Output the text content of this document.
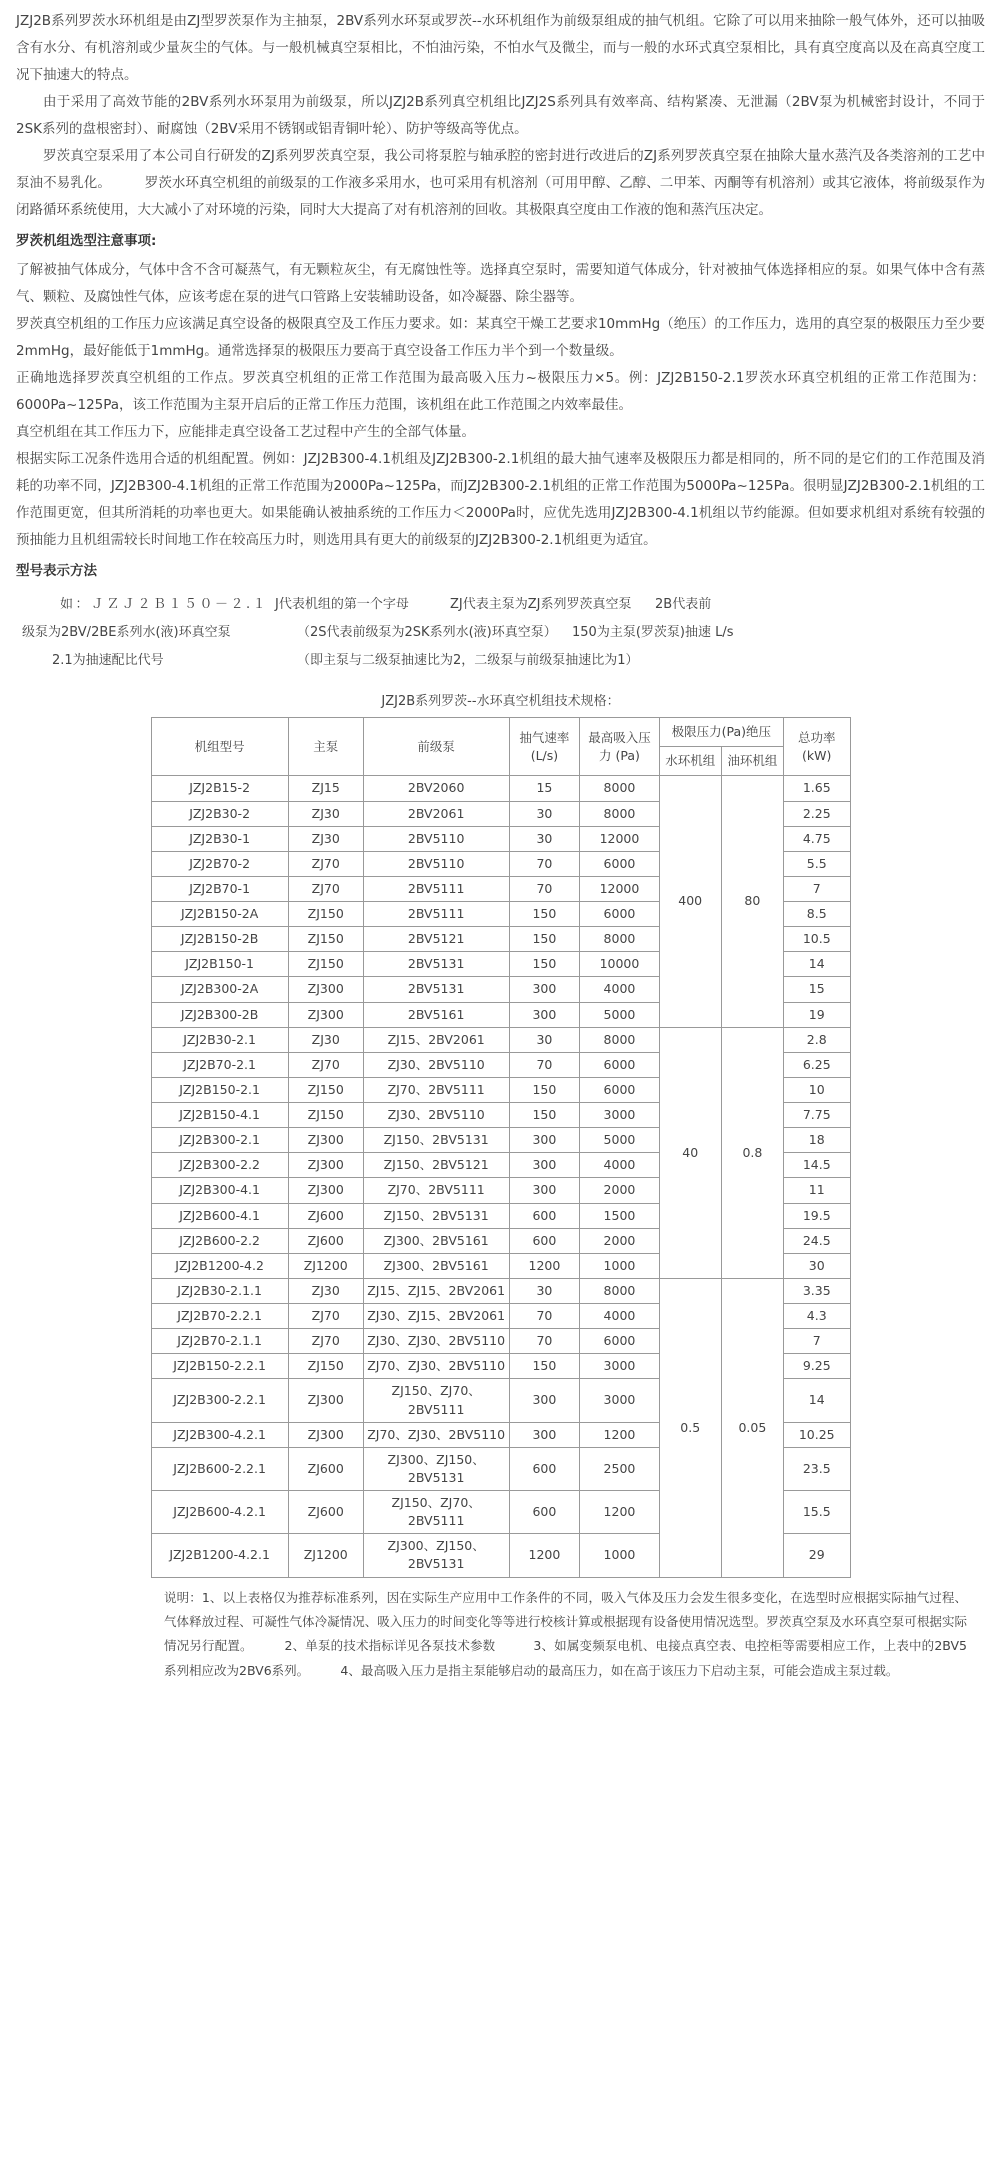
JZJ2B系列罗茨水环机组是由ZJ型罗茨泵作为主抽泵，2BV系列水环泵或罗茨--水环机组作为前级泵组成的抽气机组。它除了可以用来抽除一般气体外，还可以抽吸含有水分、有机溶剂或少量灰尘的气体。与一般机械真空泵相比，不怕油污染，不怕水气及微尘，而与一般的水环式真空泵相比，具有真空度高以及在高真空度工况下抽速大的特点。

由于采用了高效节能的2BV系列水环泵用为前级泵，所以JZJ2B系列真空机组比JZJ2S系列具有效率高、结构紧凑、无泄漏（2BV泵为机械密封设计，不同于2SK系列的盘根密封）、耐腐蚀（2BV采用不锈钢或铝青铜叶轮）、防护等级高等优点。

罗茨真空泵采用了本公司自行研发的ZJ系列罗茨真空泵，我公司将泵腔与轴承腔的密封进行改进后的ZJ系列罗茨真空泵在抽除大量水蒸汽及各类溶剂的工艺中泵油不易乳化。　　　罗茨水环真空机组的前级泵的工作液多采用水，也可采用有机溶剂（可用甲醇、乙醇、二甲苯、丙酮等有机溶剂）或其它液体，将前级泵作为闭路循环系统使用，大大减小了对环境的污染，同时大大提高了对有机溶剂的回收。其极限真空度由工作液的饱和蒸汽压决定。

罗茨机组选型注意事项:

了解被抽气体成分，气体中含不含可凝蒸气，有无颗粒灰尘，有无腐蚀性等。选择真空泵时，需要知道气体成分，针对被抽气体选择相应的泵。如果气体中含有蒸气、颗粒、及腐蚀性气体，应该考虑在泵的进气口管路上安装辅助设备，如冷凝器、除尘器等。

罗茨真空机组的工作压力应该满足真空设备的极限真空及工作压力要求。如：某真空干燥工艺要求10mmHg（绝压）的工作压力，选用的真空泵的极限压力至少要2mmHg，最好能低于1mmHg。通常选择泵的极限压力要高于真空设备工作压力半个到一个数量级。

正确地选择罗茨真空机组的工作点。罗茨真空机组的正常工作范围为最高吸入压力~极限压力×5。例：JZJ2B150-2.1罗茨水环真空机组的正常工作范围为：6000Pa~125Pa，该工作范围为主泵开启后的正常工作压力范围，该机组在此工作范围之内效率最佳。

真空机组在其工作压力下，应能排走真空设备工艺过程中产生的全部气体量。

根据实际工况条件选用合适的机组配置。例如：JZJ2B300-4.1机组及JZJ2B300-2.1机组的最大抽气速率及极限压力都是相同的，所不同的是它们的工作范围及消耗的功率不同，JZJ2B300-4.1机组的正常工作范围为2000Pa~125Pa，而JZJ2B300-2.1机组的正常工作范围为5000Pa~125Pa。很明显JZJ2B300-2.1机组的工作范围更宽，但其所消耗的功率也更大。如果能确认被抽系统的工作压力＜2000Pa时，应优先选用JZJ2B300-4.1机组以节约能源。但如要求机组对系统有较强的预抽能力且机组需较长时间地工作在较高压力时，则选用具有更大的前级泵的JZJ2B300-2.1机组更为适宜。

型号表示方法
如：ＪＺＪ２Ｂ１５０－２.１ J代表机组的第一个字母	ZJ代表主泵为ZJ系列罗茨真空泵	2B代表前
级泵为2BV/2BE系列水(液)环真空泵	（2S代表前级泵为2SK系列水(液)环真空泵）	150为主泵(罗茨泵)抽速 L/s
2.1为抽速配比代号	（即主泵与二级泵抽速比为2，二级泵与前级泵抽速比为1）
JZJ2B系列罗茨--水环真空机组技术规格：
机组型号	主泵	前级泵	抽气速率 (L/s)	最高吸入压力 (Pa)	极限压力(Pa)绝压		总功率 (kW)
					水环机组	油环机组	
JZJ2B15-2	ZJ15	2BV2060	15	8000	400	80	1.65
JZJ2B30-2	ZJ30	2BV2061	30	8000			2.25
JZJ2B30-1	ZJ30	2BV5110	30	12000			4.75
JZJ2B70-2	ZJ70	2BV5110	70	6000			5.5
JZJ2B70-1	ZJ70	2BV5111	70	12000			7
JZJ2B150-2A	ZJ150	2BV5111	150	6000			8.5
JZJ2B150-2B	ZJ150	2BV5121	150	8000			10.5
JZJ2B150-1	ZJ150	2BV5131	150	10000			14
JZJ2B300-2A	ZJ300	2BV5131	300	4000			15
JZJ2B300-2B	ZJ300	2BV5161	300	5000			19
JZJ2B30-2.1	ZJ30	ZJ15、2BV2061	30	8000	40	0.8	2.8
JZJ2B70-2.1	ZJ70	ZJ30、2BV5110	70	6000			6.25
JZJ2B150-2.1	ZJ150	ZJ70、2BV5111	150	6000			10
JZJ2B150-4.1	ZJ150	ZJ30、2BV5110	150	3000			7.75
JZJ2B300-2.1	ZJ300	ZJ150、2BV5131	300	5000			18
JZJ2B300-2.2	ZJ300	ZJ150、2BV5121	300	4000			14.5
JZJ2B300-4.1	ZJ300	ZJ70、2BV5111	300	2000			11
JZJ2B600-4.1	ZJ600	ZJ150、2BV5131	600	1500			19.5
JZJ2B600-2.2	ZJ600	ZJ300、2BV5161	600	2000			24.5
JZJ2B1200-4.2	ZJ1200	ZJ300、2BV5161	1200	1000			30
JZJ2B30-2.1.1	ZJ30	ZJ15、ZJ15、2BV2061	30	8000	0.5	0.05	3.35
JZJ2B70-2.2.1	ZJ70	ZJ30、ZJ15、2BV2061	70	4000			4.3
JZJ2B70-2.1.1	ZJ70	ZJ30、ZJ30、2BV5110	70	6000			7
JZJ2B150-2.2.1	ZJ150	ZJ70、ZJ30、2BV5110	150	3000			9.25
JZJ2B300-2.2.1	ZJ300	ZJ150、ZJ70、2BV5111	300	3000			14
JZJ2B300-4.2.1	ZJ300	ZJ70、ZJ30、2BV5110	300	1200			10.25
JZJ2B600-2.2.1	ZJ600	ZJ300、ZJ150、2BV5131	600	2500			23.5
JZJ2B600-4.2.1	ZJ600	ZJ150、ZJ70、2BV5111	600	1200			15.5
JZJ2B1200-4.2.1	ZJ1200	ZJ300、ZJ150、2BV5131	1200	1000			29
说明：1、以上表格仅为推荐标准系列，因在实际生产应用中工作条件的不同，吸入气体及压力会发生很多变化，在选型时应根据实际抽气过程、气体释放过程、可凝性气体冷凝情况、吸入压力的时间变化等等进行校核计算或根据现有设备使用情况选型。罗茨真空泵及水环真空泵可根据实际情况另行配置。　　　2、单泵的技术指标详见各泵技术参数　　　3、如属变频泵电机、电接点真空表、电控柜等需要相应工作，上表中的2BV5系列相应改为2BV6系列。　　　4、最高吸入压力是指主泵能够启动的最高压力，如在高于该压力下启动主泵，可能会造成主泵过载。
